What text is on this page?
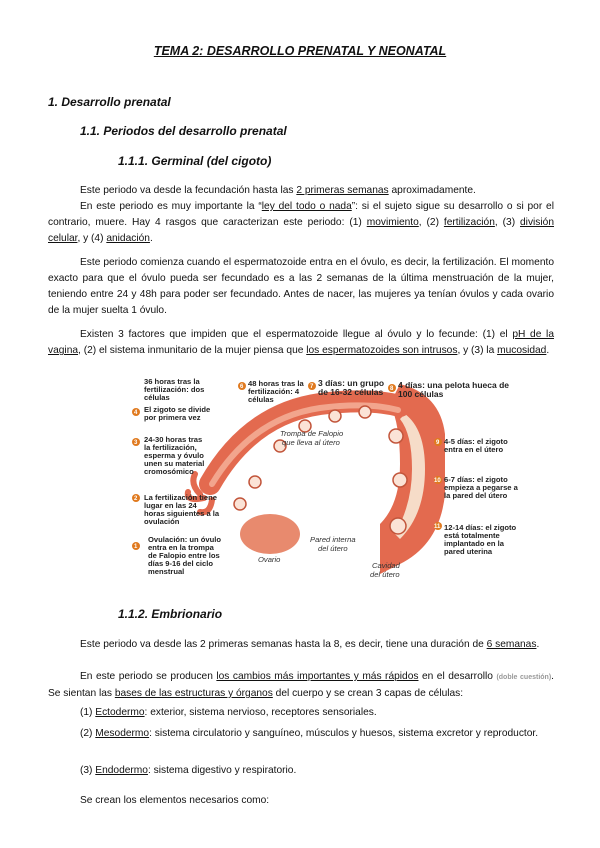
TEMA 2: DESARROLLO PRENATAL Y NEONATAL
1. Desarrollo prenatal
1.1. Periodos del desarrollo prenatal
1.1.1. Germinal (del cigoto)
Este periodo va desde la fecundación hasta las 2 primeras semanas aproximadamente.
En este periodo es muy importante la “ley del todo o nada”: si el sujeto sigue su desarrollo o si por el contrario, muere. Hay 4 rasgos que caracterizan este periodo: (1) movimiento, (2) fertilización, (3) división celular, y (4) anidación.
Este periodo comienza cuando el espermatozoide entra en el óvulo, es decir, la fertilización. El momento exacto para que el óvulo pueda ser fecundado es a las 2 semanas de la última menstruación de la mujer, teniendo entre 24 y 48h para poder ser fecundado. Antes de nacer, las mujeres ya tenían óvulos y cada ovario de la mujer suelta 1 óvulo.
Existen 3 factores que impiden que el espermatozoide llegue al óvulo y lo fecunde: (1) el pH de la vagina, (2) el sistema inmunitario de la mujer piensa que los espermatozoides son intrusos, y (3) la mucosidad.
36 horas tras la fertilización: dos células
4 El zigoto se divide por primera vez
3 24-30 horas tras la fertilización, esperma y óvulo unen su material cromosómico
2 La fertilización tiene lugar en las 24 horas siguientes a la ovulación
1
Ovulación: un óvulo entra en la trompa de Falopio entre los días 9-16 del ciclo menstrual
6 48 horas tras la fertilización: 4 células
7 3 días: un grupo de 16-32 células 8 4 días: una pelota hueca de 100 células
9 4-5 días: el zigoto entra en el útero
10 6-7 días: el zigoto empieza a pegarse a la pared del útero
11 12-14 días: el zigoto está totalmente implantado en la pared uterina
Trompa de Falopio que lleva al útero
Pared interna del útero
Ovario
Cavidad del útero
1.1.2. Embrionario
Este periodo va desde las 2 primeras semanas hasta la 8, es decir, tiene una duración de 6 semanas.
En este periodo se producen los cambios más importantes y más rápidos en el desarrollo (doble cuestión). Se sientan las bases de las estructuras y órganos del cuerpo y se crean 3 capas de células:
(1) Ectodermo: exterior, sistema nervioso, receptores sensoriales.
(2) Mesodermo: sistema circulatorio y sanguíneo, músculos y huesos, sistema excretor y reproductor.
(3) Endodermo: sistema digestivo y respiratorio.
Se crean los elementos necesarios como:
